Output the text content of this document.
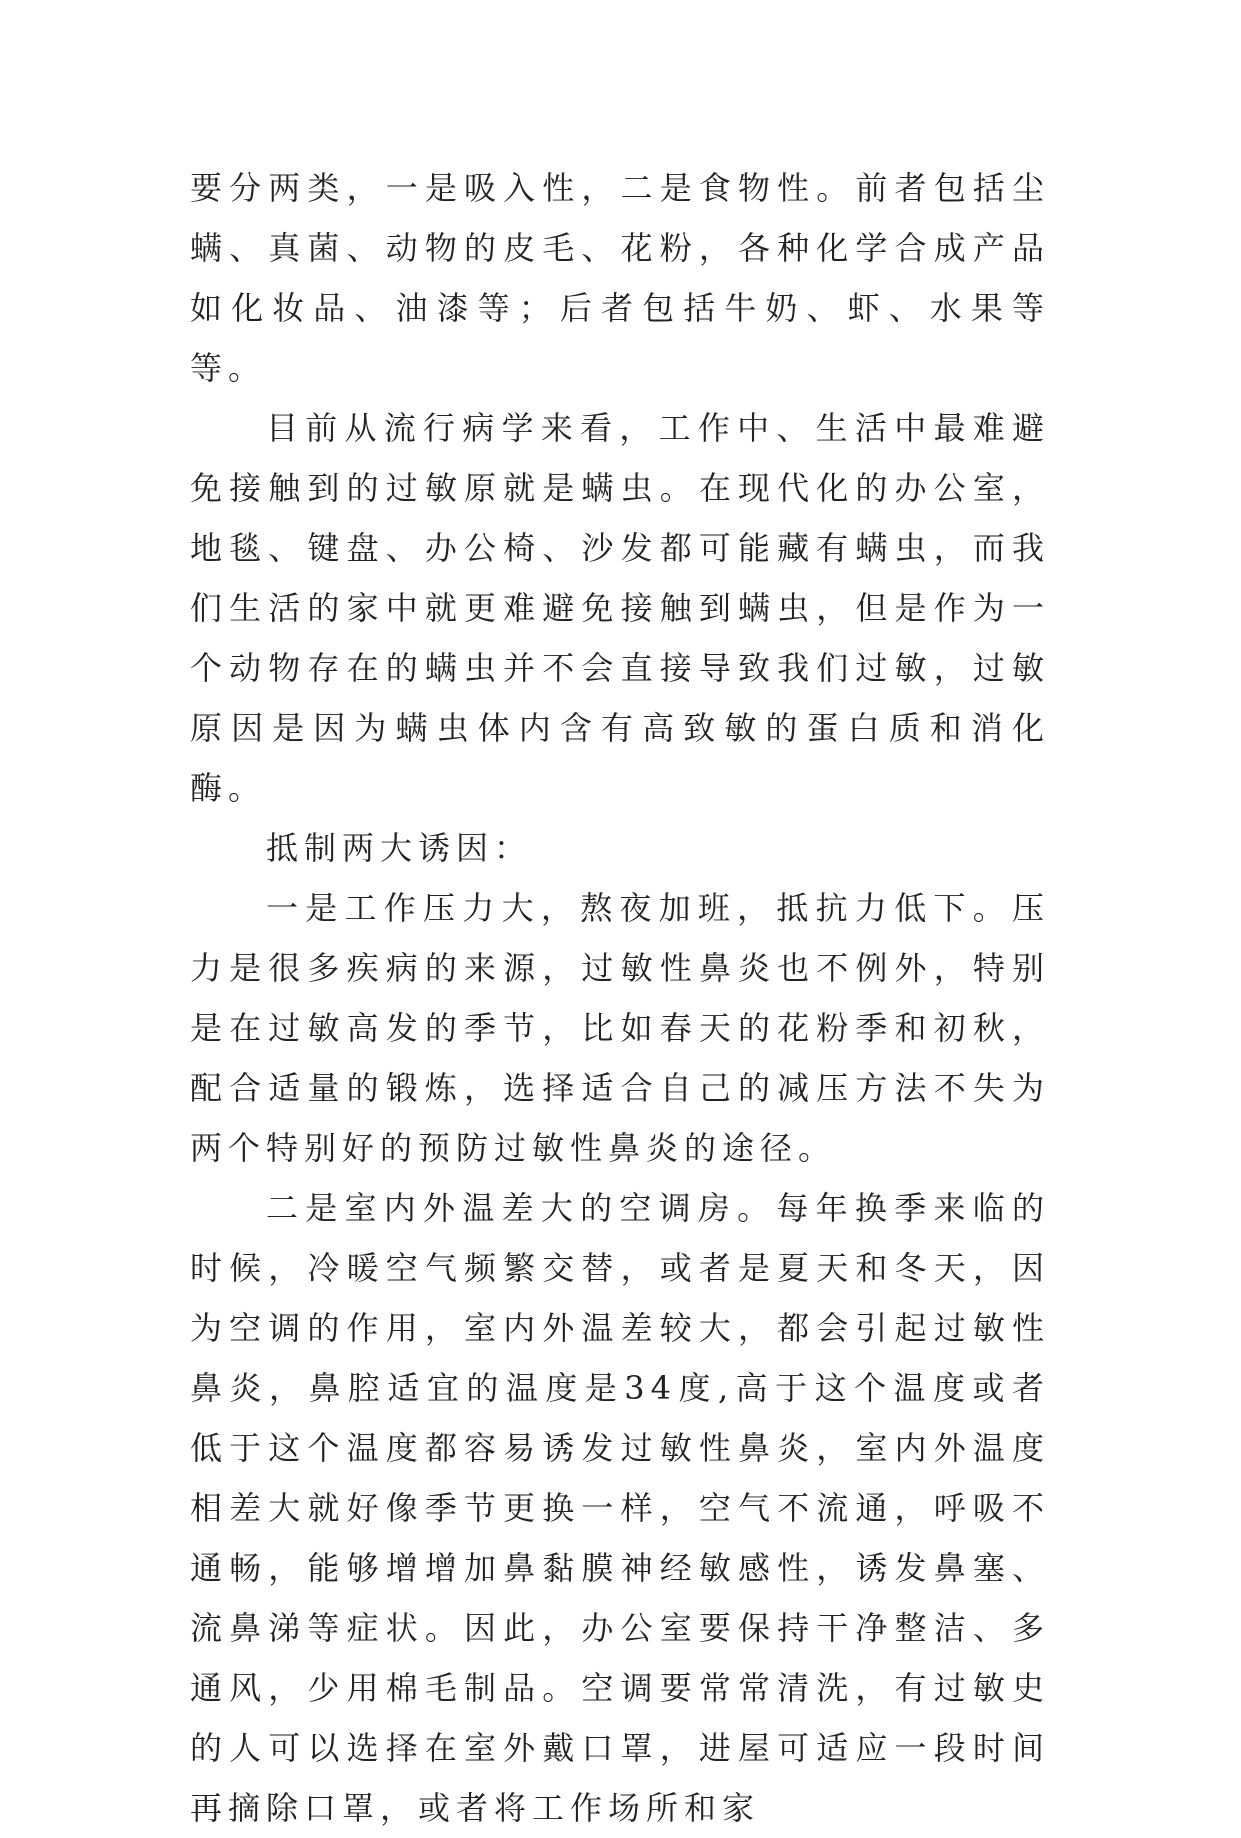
要分两类，一是吸入性，二是食物性。前者包括尘螨、真菌、动物的皮毛、花粉，各种化学合成产品如化妆品、油漆等；后者包括牛奶、虾、水果等等。

目前从流行病学来看，工作中、生活中最难避免接触到的过敏原就是螨虫。在现代化的办公室，地毯、键盘、办公椅、沙发都可能藏有螨虫，而我们生活的家中就更难避免接触到螨虫，但是作为一个动物存在的螨虫并不会直接导致我们过敏，过敏原因是因为螨虫体内含有高致敏的蛋白质和消化酶。

抵制两大诱因：

一是工作压力大，熬夜加班，抵抗力低下。压力是很多疾病的来源，过敏性鼻炎也不例外，特别是在过敏高发的季节，比如春天的花粉季和初秋，配合适量的锻炼，选择适合自己的减压方法不失为两个特别好的预防过敏性鼻炎的途径。

二是室内外温差大的空调房。每年换季来临的时候，冷暖空气频繁交替，或者是夏天和冬天，因为空调的作用，室内外温差较大，都会引起过敏性鼻炎，鼻腔适宜的温度是34度,高于这个温度或者低于这个温度都容易诱发过敏性鼻炎，室内外温度相差大就好像季节更换一样，空气不流通，呼吸不通畅，能够增增加鼻黏膜神经敏感性，诱发鼻塞、流鼻涕等症状。因此，办公室要保持干净整洁、多通风，少用棉毛制品。空调要常常清洗，有过敏史的人可以选择在室外戴口罩，进屋可适应一段时间再摘除口罩，或者将工作场所和家
